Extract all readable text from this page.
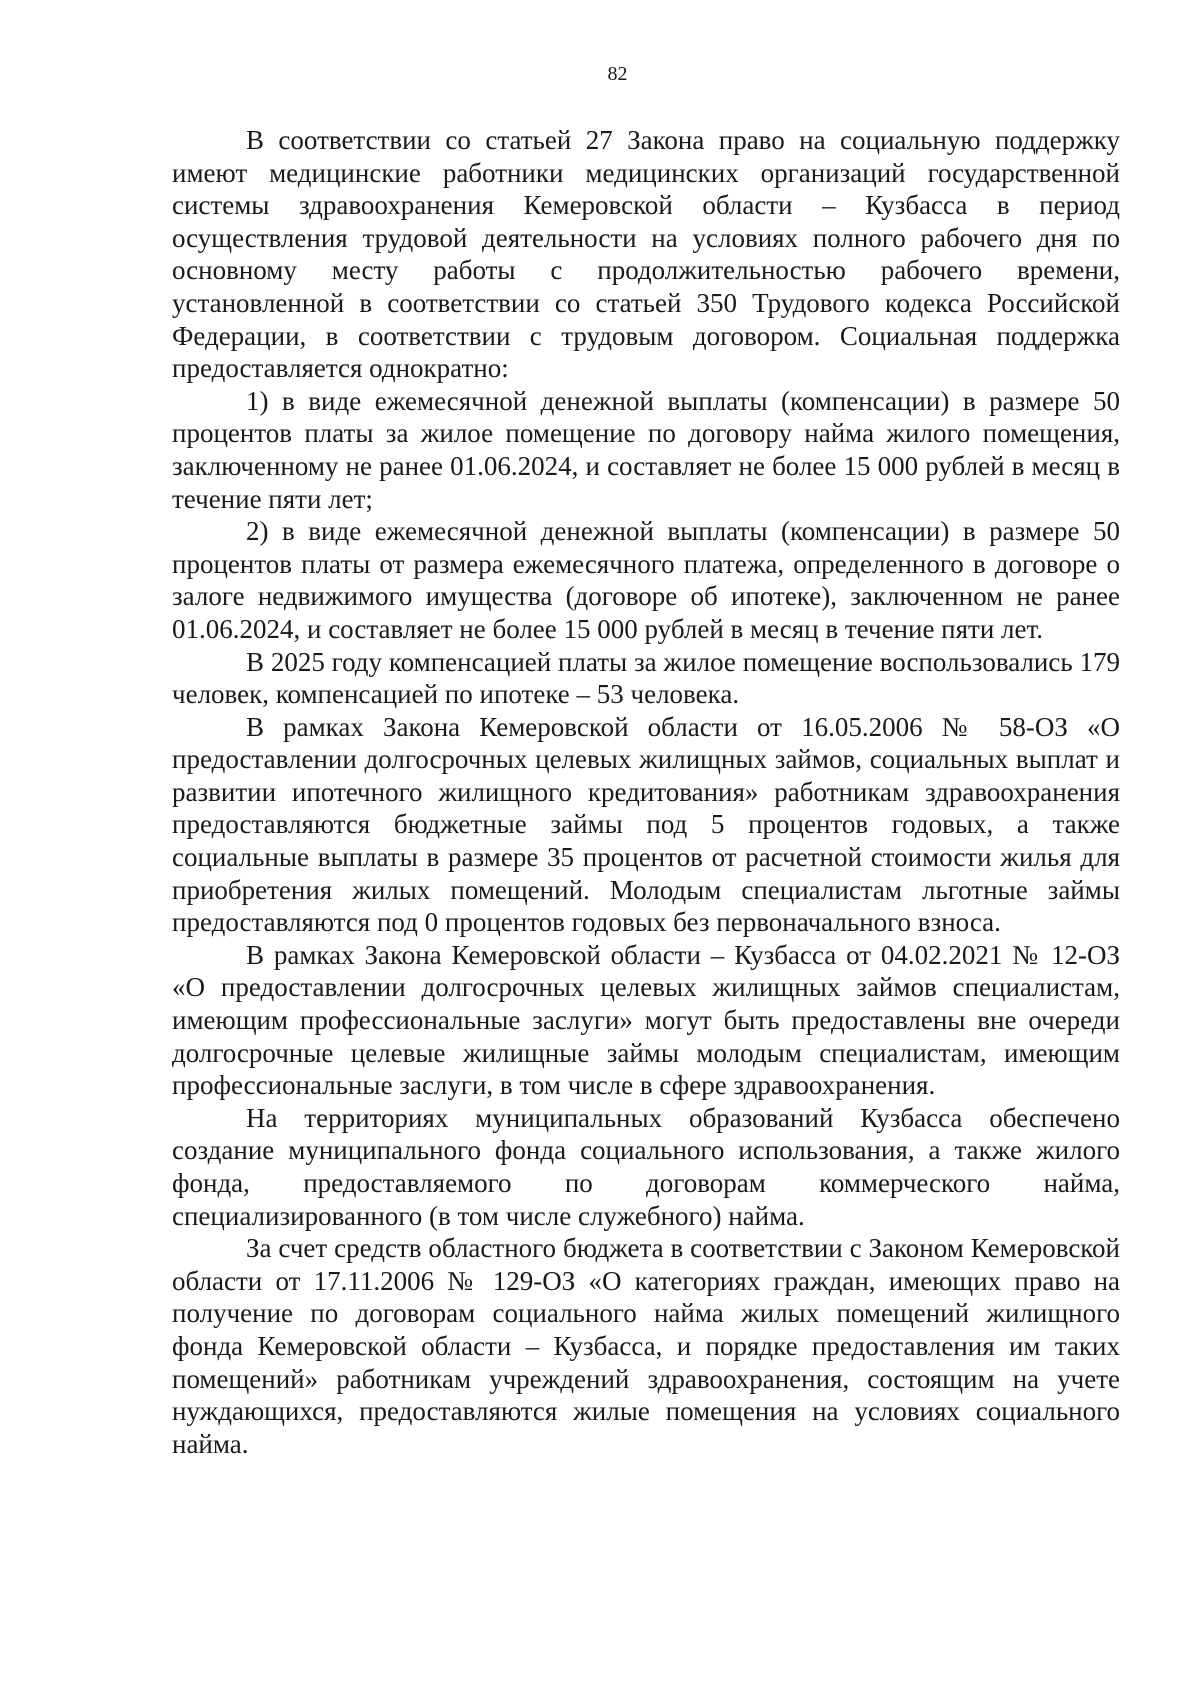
82

В соответствии со статьей 27 Закона право на социальную поддержку имеют медицинские работники медицинских организаций государственной системы здравоохранения Кемеровской области – Кузбасса в период осуществления трудовой деятельности на условиях полного рабочего дня по основному месту работы с продолжительностью рабочего времени, установленной в соответствии со статьей 350 Трудового кодекса Российской Федерации, в соответствии с трудовым договором. Социальная поддержка предоставляется однократно:

1) в виде ежемесячной денежной выплаты (компенсации) в размере 50 процентов платы за жилое помещение по договору найма жилого помещения, заключенному не ранее 01.06.2024, и составляет не более 15 000 рублей в месяц в течение пяти лет;

2) в виде ежемесячной денежной выплаты (компенсации) в размере 50 процентов платы от размера ежемесячного платежа, определенного в договоре о залоге недвижимого имущества (договоре об ипотеке), заключенном не ранее 01.06.2024, и составляет не более 15 000 рублей в месяц в течение пяти лет.

В 2025 году компенсацией платы за жилое помещение воспользовались 179 человек, компенсацией по ипотеке – 53 человека.

В рамках Закона Кемеровской области от 16.05.2006 № 58-ОЗ «О предоставлении долгосрочных целевых жилищных займов, социальных выплат и развитии ипотечного жилищного кредитования» работникам здравоохранения предоставляются бюджетные займы под 5 процентов годовых, а также социальные выплаты в размере 35 процентов от расчетной стоимости жилья для приобретения жилых помещений. Молодым специалистам льготные займы предоставляются под 0 процентов годовых без первоначального взноса.

В рамках Закона Кемеровской области – Кузбасса от 04.02.2021 № 12-ОЗ «О предоставлении долгосрочных целевых жилищных займов специалистам, имеющим профессиональные заслуги» могут быть предоставлены вне очереди долгосрочные целевые жилищные займы молодым специалистам, имеющим профессиональные заслуги, в том числе в сфере здравоохранения.

На территориях муниципальных образований Кузбасса обеспечено создание муниципального фонда социального использования, а также жилого фонда, предоставляемого по договорам коммерческого найма, специализированного (в том числе служебного) найма.

За счет средств областного бюджета в соответствии с Законом Кемеровской области от 17.11.2006 № 129-ОЗ «О категориях граждан, имеющих право на получение по договорам социального найма жилых помещений жилищного фонда Кемеровской области – Кузбасса, и порядке предоставления им таких помещений» работникам учреждений здравоохранения, состоящим на учете нуждающихся, предоставляются жилые помещения на условиях социального найма.
